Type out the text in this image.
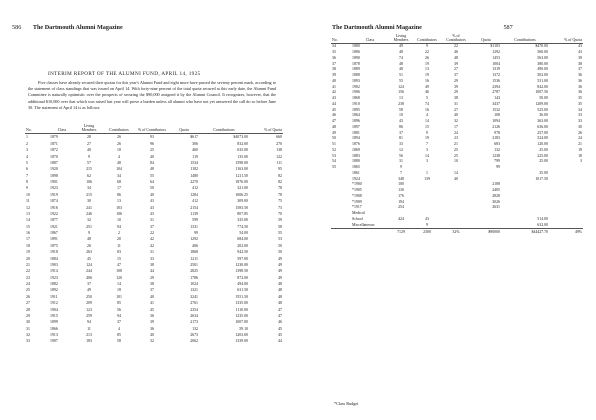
586 The Dartmouth Alumni Magazine
INTERIM REPORT OF THE ALUMNI FUND, APRIL 14, 1925

Five classes have already secured their quotas for this year's Alumni Fund and eight more have passed the seventy percent mark, according to the statement of class standings that was issued on April 14. With forty-nine percent of the total quota secured at this early date, the Alumni Fund Committee is naturally optimistic over the prospects of securing the $90,000 assigned it by the Alumni Council. It recognizes, however, that the additional $10,000 over that which was raised last year will prove a burden unless all alumni who have not yet answered the call do so before June 30. The statement of April 14 is as follows:

No.	Class	Living Members	Contributors	% of Contributors	Quota	Contributions	% of Quota
1	1879	28	26	93	$617	$4073.00	660
2	1871	27	26	96	306	832.00	270
3	1872	40	10	25	460	635.00	138
4	1870	9	4	40	119	135.00	122
5	1887	57	48	84	1534	1598.00	111
6	1920	215	104	48	1182	1163.00	95
7	1898	62	34	55	1480	1211.50	82
8	1901	106	68	64	2270	1876.00	82
9	1923	34	17	50	412	321.00	78
10	1919	215	86	40	1284	1006.25	78
11	1874	30	13	43	412	309.00	75
12	1916	241	103	43	2154	1583.50	73
13	1922	246	106	43	1139	807.85	70
14	1877	32	10	31	599	335.00	59
15	1921	251	94	37	1331	774.50	58
16	1867	9	2	22	99	54.00	55
17	1891	48	20	42	1292	684.00	53
18	1875	26	11	42	406	202.00	50
19	1918	263	83	31	1868	942.50	50
20	1884	45	15	33	1211	597.00	49
21	1903	124	47	38	2501	1230.00	49
22	1914	244	108	44	2825	1398.50	49
23	1923	406	120	29	1786	872.00	49
24	1882	37	14	38	1024	494.00	48
25	1892	49	18	37	1321	631.50	48
26	1911	250	101	40	3241	1551.50	48
27	1912	209	85	41	2761	1335.00	48
28	1904	123	56	45	2354	1110.00	47
29	1915	259	94	36	2634	1235.00	47
30	1899	94	37	39	2173	1007.00	46
31	1866	11	4	36	132	59.10	45
32	1913	213	85	40	2673	1203.00	45
33	1907	183	58	32	2062	1339.00	44
The Dartmouth Alumni Magazine	587
No.	Class	Living Members	Contributors	% of Contributors	Quota	Contributions	% of Quota
34	1880	49	9	22	$1103	$470.00	43
35	1886	48	22	46	1292	560.00	43
36	1890	74	26	48	1453	563.00	39
37	1878	48	19	39	1004	380.00	38
38	1889	48	13	27	1319	490.00	37
39	1888	51	19	37	1372	502.00	36
40	1893	55	16	29	1536	531.00	36
41	1902	124	49	39	2394	842.00	36
42	1906	156	46	29	2787	1007.50	36
43	1868	13	5	38	143	50.00	35
44	1910	238	74	31	3437	1209.00	35
45	1895	58	16	27	1532	525.00	34
46	1864	10	4	40	108	36.00	33
47	1896	43	14	32	1094	363.00	33
48	1897	86	15	17	2126	636.00	30
49	1881	37	9	24	978	257.00	26
50	1894	81	19	23	2183	524.00	24
51	1876	33	7	21	683	120.00	21
52	1869	12	3	25	132	25.00	19
53	1883	56	14	25	1238	225.00	18
54	1880	31	3	10	799	25.00	3
55	1865	9			99		
	1861	7	1	14		35.00	
	1924	348	139	40		1017.50	
	*1900	100			2188		
	*1905	130			2405		
	*1908	176			2828		
	*1909	194			3026		
	*1917	254			2631		
	Medical						
	School	424	43			514.00	
	Miscellaneous		9			632.00	
		7129	2300	32%	$90000	$44427.70	49%
*Class Budget
